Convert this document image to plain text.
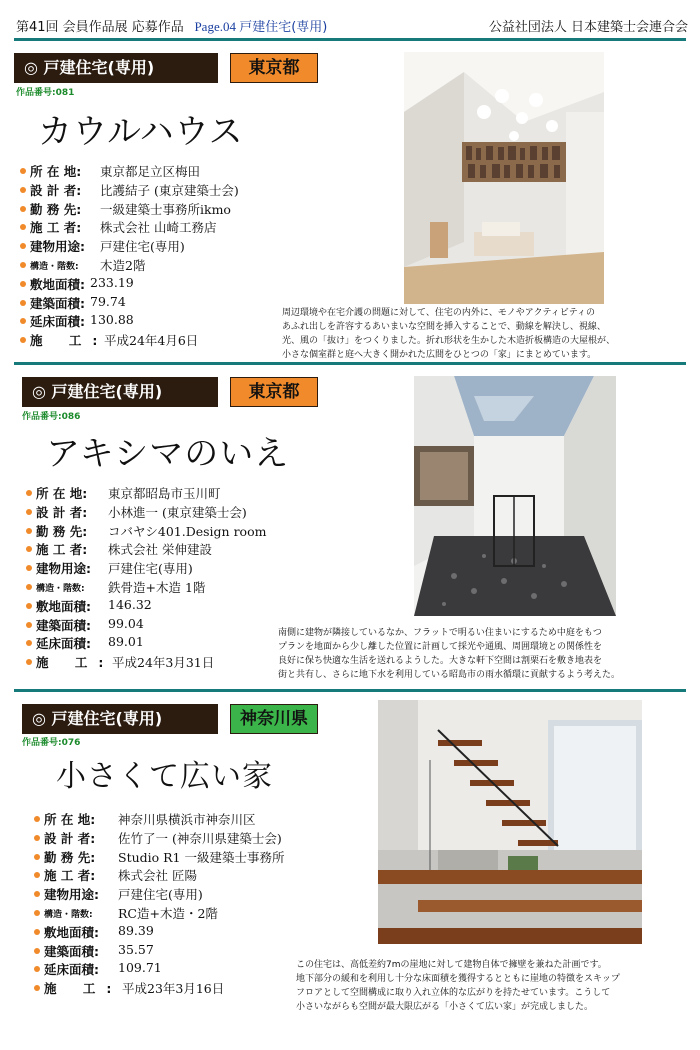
第41回 会員作品展 応募作品 Page.04 戸建住宅(専用)	公益社団法人 日本建築士会連合会
◎ 戸建住宅(専用)	東京都
作品番号:081
カウルハウス
所 在 地: 東京都足立区梅田
設 計 者: 比護結子 (東京建築士会)
勤 務 先: 一級建築士事務所ikmo
施 工 者: 株式会社 山崎工務店
建物用途: 戸建住宅(専用)
構造・階数: 木造2階
敷地面積: 233.19
建築面積: 79.74
延床面積: 130.88
施 工:
平成24年4月6日

周辺環境や在宅介護の問題に対して、住宅の内外に、モノやアクティビティの

あふれ出しを許容するあいまいな空間を挿入することで、動線を解決し、視線、

光、風の「抜け」をつくりました。折れ形状を生かした木造折板構造の大屋根が、

小さな個室群と庭へ大きく開かれた広間をひとつの「家」にまとめています。

◎ 戸建住宅(専用)	東京都
作品番号:086
アキシマのいえ
所 在 地: 東京都昭島市玉川町
設 計 者: 小林進一 (東京建築士会)
勤 務 先: コバヤシ401.Design room
施 工 者: 株式会社 栄伸建設
建物用途: 戸建住宅(専用)
構造・階数: 鉄骨造+木造 1階
敷地面積: 146.32
建築面積: 99.04
延床面積: 89.01
施 工:
平成24年3月31日

南側に建物が隣接しているなか、フラットで明るい住まいにするため中庭をもつ

プランを地面から少し離した位置に計画して採光や通風、周囲環境との関係性を

良好に保ち快適な生活を送れるようした。大きな軒下空間は割栗石を敷き地表を

街と共有し、さらに地下水を利用している昭島市の雨水循環に貢献するよう考えた。

◎ 戸建住宅(専用)	神奈川県
作品番号:076
小さくて広い家
所 在 地: 神奈川県横浜市神奈川区
設 計 者: 佐竹了一 (神奈川県建築士会)
勤 務 先: Studio R1 一級建築士事務所
施 工 者: 株式会社 匠陽
建物用途: 戸建住宅(専用)
構造・階数: RC造+木造・2階
敷地面積: 89.39
建築面積: 35.57
延床面積: 109.71
施 工: 平成23年3月16日

この住宅は、高低差約7mの崖地に対して建物自体で擁壁を兼ねた計画です。

地下部分の緩和を利用し十分な床面積を獲得するとともに崖地の特徴をスキップ

フロアとして空間構成に取り入れ立体的な広がりを持たせています。こうして

小さいながらも空間が最大限広がる「小さくて広い家」が完成しました。
